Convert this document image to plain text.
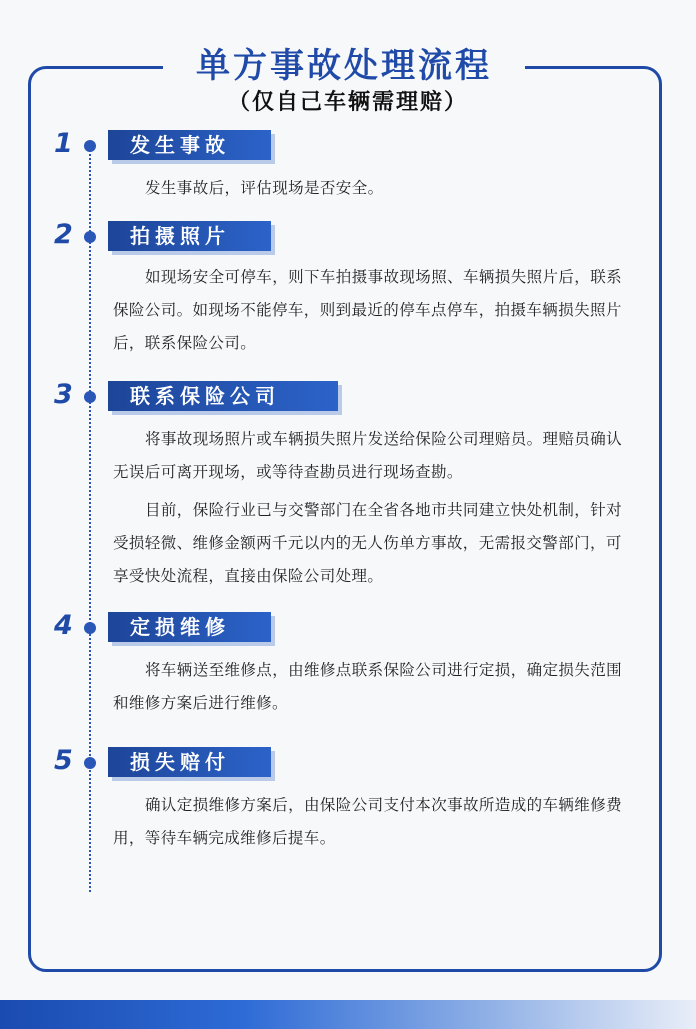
单方事故处理流程
（仅自己车辆需理赔）
1	发生事故

发生事故后，评估现场是否安全。

2	拍摄照片

如现场安全可停车，则下车拍摄事故现场照、车辆损失照片后，联系保险公司。如现场不能停车，则到最近的停车点停车，拍摄车辆损失照片后，联系保险公司。

3	联系保险公司

将事故现场照片或车辆损失照片发送给保险公司理赔员。理赔员确认无误后可离开现场，或等待查勘员进行现场查勘。

目前，保险行业已与交警部门在全省各地市共同建立快处机制，针对受损轻微、维修金额两千元以内的无人伤单方事故，无需报交警部门，可享受快处流程，直接由保险公司处理。

4	定损维修

将车辆送至维修点，由维修点联系保险公司进行定损，确定损失范围和维修方案后进行维修。

5	损失赔付

确认定损维修方案后，由保险公司支付本次事故所造成的车辆维修费用，等待车辆完成维修后提车。
